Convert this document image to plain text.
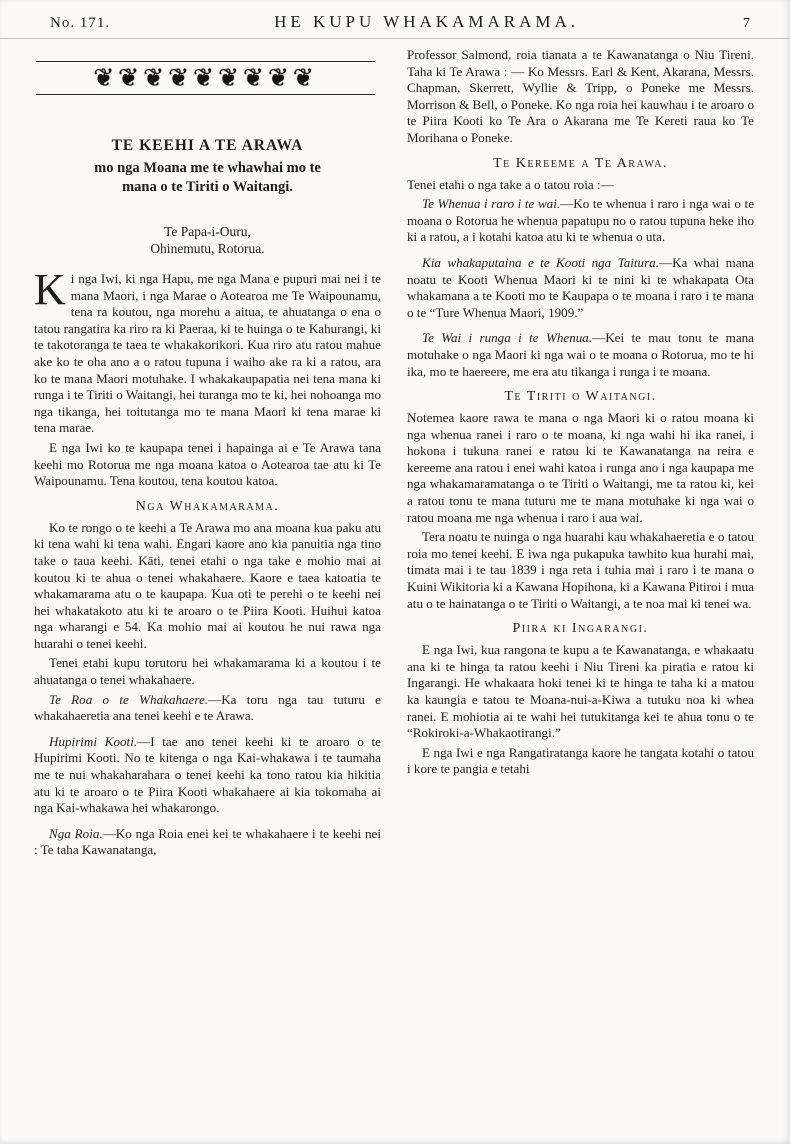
No. 171.	HE KUPU WHAKAMARAMA.	7
❦❦❦❦❦❦❦❦❦
TE KEEHI A TE ARAWA
mo nga Moana me te whawhai mo te
mana o te Tiriti o Waitangi.
Te Papa-i-Ouru,
Ohinemutu, Rotorua.

Ki nga Iwi, ki nga Hapu, me nga Mana e pupuri mai nei i te mana Maori, i nga Marae o Aotearoa me Te Waipounamu, tena ra koutou, nga morehu a aitua, te ahuatanga o ena o tatou rangatira ka riro ra ki Paeraa, ki te huinga o te Kahurangi, ki te takotoranga te taea te whakakorikori. Kua riro atu ratou mahue ake ko te oha ano a o ratou tupuna i waiho ake ra ki a ratou, ara ko te mana Maori motuhake. I whakakaupapatia nei tena mana ki runga i te Tiriti o Waitangi, hei turanga mo te ki, hei nohoanga mo nga tikanga, hei toitutanga mo te mana Maori ki tena marae ki tena marae.

E nga Iwi ko te kaupapa tenei i hapainga ai e Te Arawa tana keehi mo Rotorua me nga moana katoa o Aotearoa tae atu ki Te Waipounamu. Tena koutou, tena koutou katoa.

Nga Whakamarama.

Ko te rongo o te keehi a Te Arawa mo ana moana kua paku atu ki tena wahi ki tena wahi. Engari kaore ano kia panuitia nga tino take o taua keehi. Kāti, tenei etahi o nga take e mohio mai ai koutou ki te ahua o tenei whakahaere. Kaore e taea katoatia te whakamarama atu o te kaupapa. Kua oti te perehi o te keehi nei hei whakatakoto atu ki te aroaro o te Piira Kooti. Huihui katoa nga wharangi e 54. Ka mohio mai ai koutou he nui rawa nga huarahi o tenei keehi.

Tenei etahi kupu torutoru hei whakamarama ki a koutou i te ahuatanga o tenei whakahaere.

Te Roa o te Whakahaere.—Ka toru nga tau tuturu e whakahaeretia ana tenei keehi e te Arawa.

Hupirimi Kooti.—I tae ano tenei keehi ki te aroaro o te Hupirimi Kooti. No te kitenga o nga Kai-whakawa i te taumaha me te nui whakaharahara o tenei keehi ka tono ratou kia hikitia atu ki te aroaro o te Piira Kooti whakahaere ai kia tokomaha ai nga Kai-whakawa hei whakarongo.

Nga Roia.—Ko nga Roia enei kei te whakahaere i te keehi nei : Te taha Kawanatanga,

Professor Salmond, roia tianata a te Kawanatanga o Niu Tireni. Taha ki Te Arawa : — Ko Messrs. Earl & Kent, Akarana, Messrs. Chapman, Skerrett, Wyllie & Tripp, o Poneke me Messrs. Morrison & Bell, o Poneke. Ko nga roia hei kauwhau i te aroaro o te Piira Kooti ko Te Ara o Akarana me Te Kereti raua ko Te Morihana o Poneke.

Te Kereeme a Te Arawa.

Tenei etahi o nga take a o tatou roia :—

Te Whenua i raro i te wai.—Ko te whenua i raro i nga wai o te moana o Rotorua he whenua papatupu no o ratou tupuna heke iho ki a ratou, a i kotahi katoa atu ki te whenua o uta.

Kia whakaputaina e te Kooti nga Taitura.—Ka whai mana noatu te Kooti Whenua Maori ki te nini ki te whakapata Ota whakamana a te Kooti mo te Kaupapa o te moana i raro i te mana o te “Ture Whenua Maori, 1909.”

Te Wai i runga i te Whenua.—Kei te mau tonu te mana motuhake o nga Maori ki nga wai o te moana o Rotorua, mo te hi ika, mo te haereere, me era atu tikanga i runga i te moana.

Te Tiriti o Waitangi.

Notemea kaore rawa te mana o nga Maori ki o ratou moana ki nga whenua ranei i raro o te moana, ki nga wahi hi ika ranei, i hokona i tukuna ranei e ratou ki te Kawanatanga na reira e kereeme ana ratou i enei wahi katoa i runga ano i nga kaupapa me nga whakamaramatanga o te Tiriti o Waitangi, me ta ratou ki, kei a ratou tonu te mana tuturu me te mana motuhake ki nga wai o ratou moana me nga whenua i raro i aua wai.

Tera noatu te nuinga o nga huarahi kau whakahaeretia e o tatou roia mo tenei keehi. E iwa nga pukapuka tawhito kua hurahi mai, timata mai i te tau 1839 i nga reta i tuhia mai i raro i te mana o Kuini Wikitoria ki a Kawana Hopihona, ki a Kawana Pitiroi i mua atu o te hainatanga o te Tiriti o Waitangi, a te noa mai ki tenei wa.

Piira ki Ingarangi.

E nga Iwi, kua rangona te kupu a te Kawanatanga, e whakaatu ana ki te hinga ta ratou keehi i Niu Tireni ka piratia e ratou ki Ingarangi. He whakaara hoki tenei ki te hinga te taha ki a matou ka kaungia e tatou te Moana-nui-a-Kiwa a tutuku noa ki whea ranei. E mohiotia ai te wahi hei tutukitanga kei te ahua tonu o te “Rokiroki-a-Whakaotirangi.”

E nga Iwi e nga Rangatiratanga kaore he tangata kotahi o tatou i kore te pangia e tetahi
